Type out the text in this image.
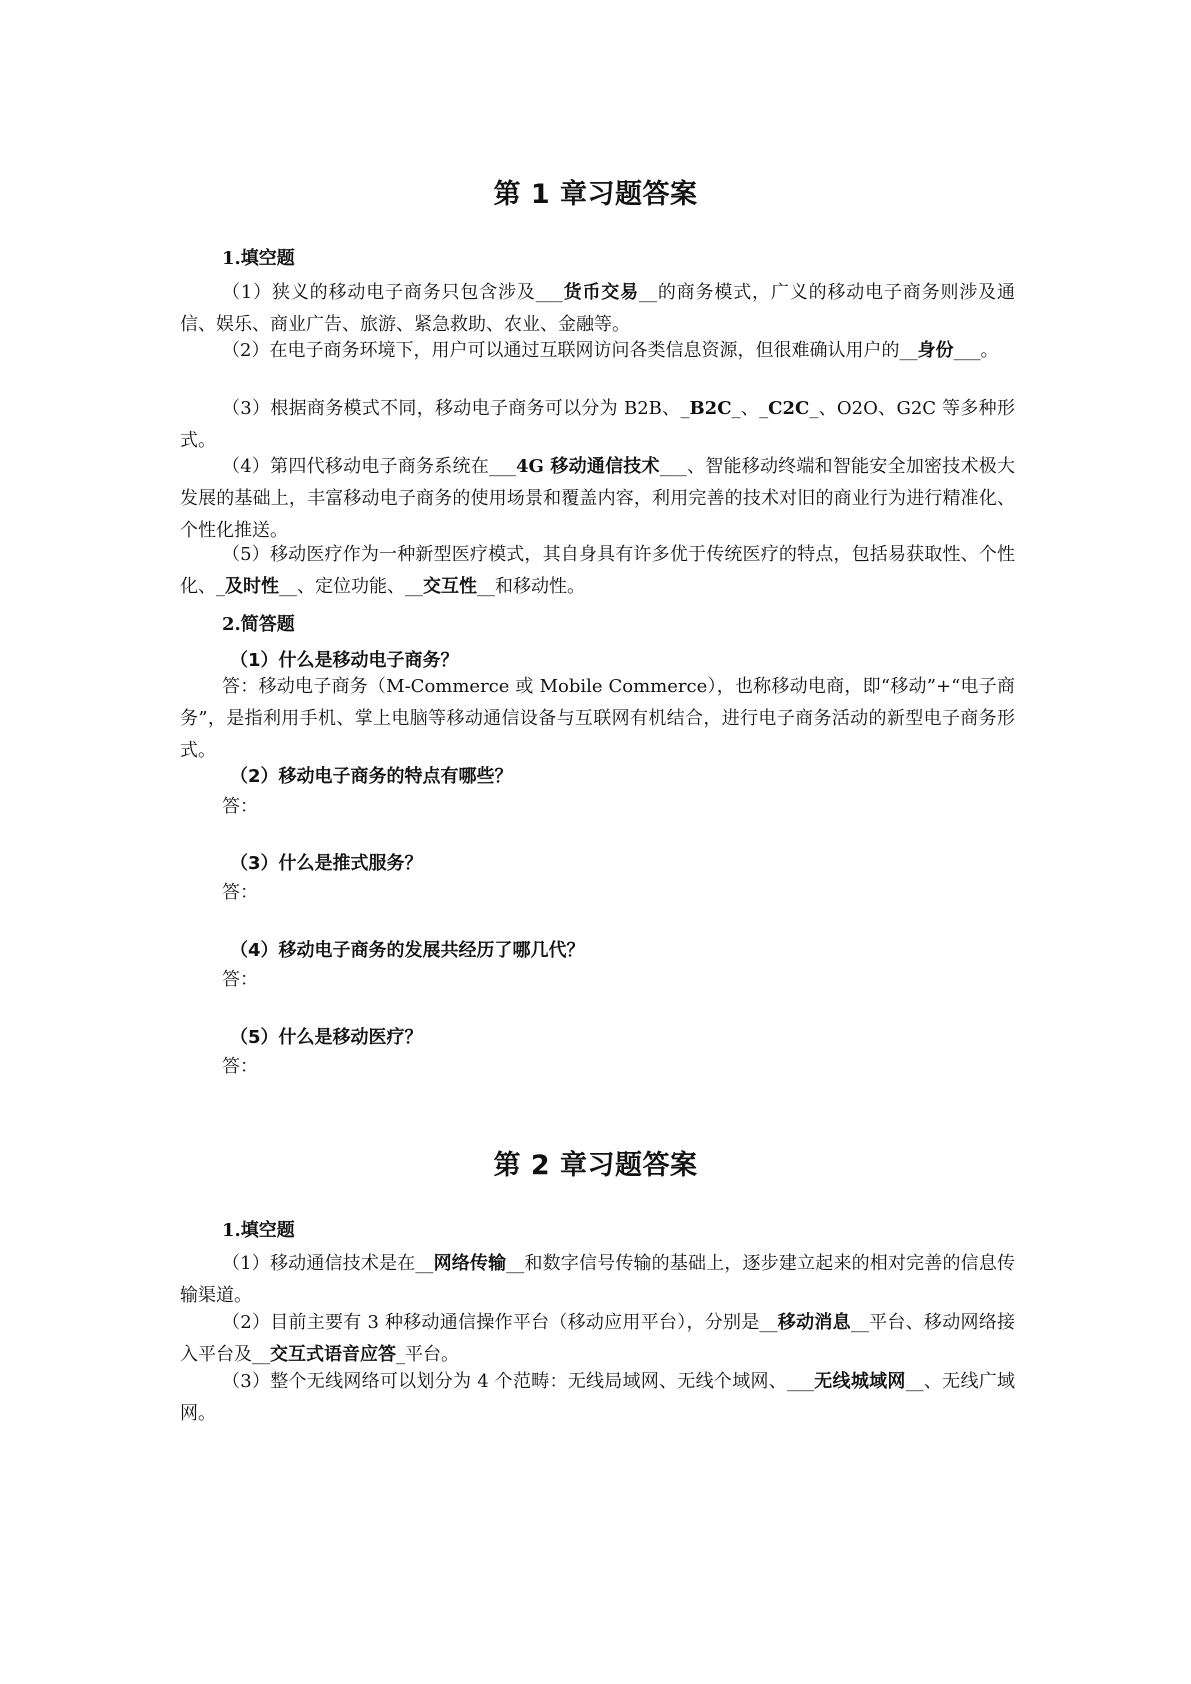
第 1 章习题答案
1.填空题
（1）狭义的移动电子商务只包含涉及___货币交易__的商务模式，广义的移动电子商务则涉及通信、娱乐、商业广告、旅游、紧急救助、农业、金融等。
（2）在电子商务环境下，用户可以通过互联网访问各类信息资源，但很难确认用户的__身份___。
（3）根据商务模式不同，移动电子商务可以分为 B2B、_B2C_、_C2C_、O2O、G2C 等多种形式。
（4）第四代移动电子商务系统在___4G 移动通信技术___、智能移动终端和智能安全加密技术极大发展的基础上，丰富移动电子商务的使用场景和覆盖内容，利用完善的技术对旧的商业行为进行精准化、个性化推送。
（5）移动医疗作为一种新型医疗模式，其自身具有许多优于传统医疗的特点，包括易获取性、个性化、_及时性__、定位功能、__交互性__和移动性。
2.简答题
（1）什么是移动电子商务？
答：移动电子商务（M-Commerce 或 Mobile Commerce），也称移动电商，即“移动”+“电子商务”，是指利用手机、掌上电脑等移动通信设备与互联网有机结合，进行电子商务活动的新型电子商务形式。
（2）移动电子商务的特点有哪些？
答：
（3）什么是推式服务？
答：
（4）移动电子商务的发展共经历了哪几代？
答：
（5）什么是移动医疗？
答：
第 2 章习题答案
1.填空题
（1）移动通信技术是在__网络传输__和数字信号传输的基础上，逐步建立起来的相对完善的信息传输渠道。
（2）目前主要有 3 种移动通信操作平台（移动应用平台），分别是__移动消息__平台、移动网络接入平台及__交互式语音应答_平台。
（3）整个无线网络可以划分为 4 个范畴：无线局域网、无线个域网、___无线城域网__、无线广域网。
